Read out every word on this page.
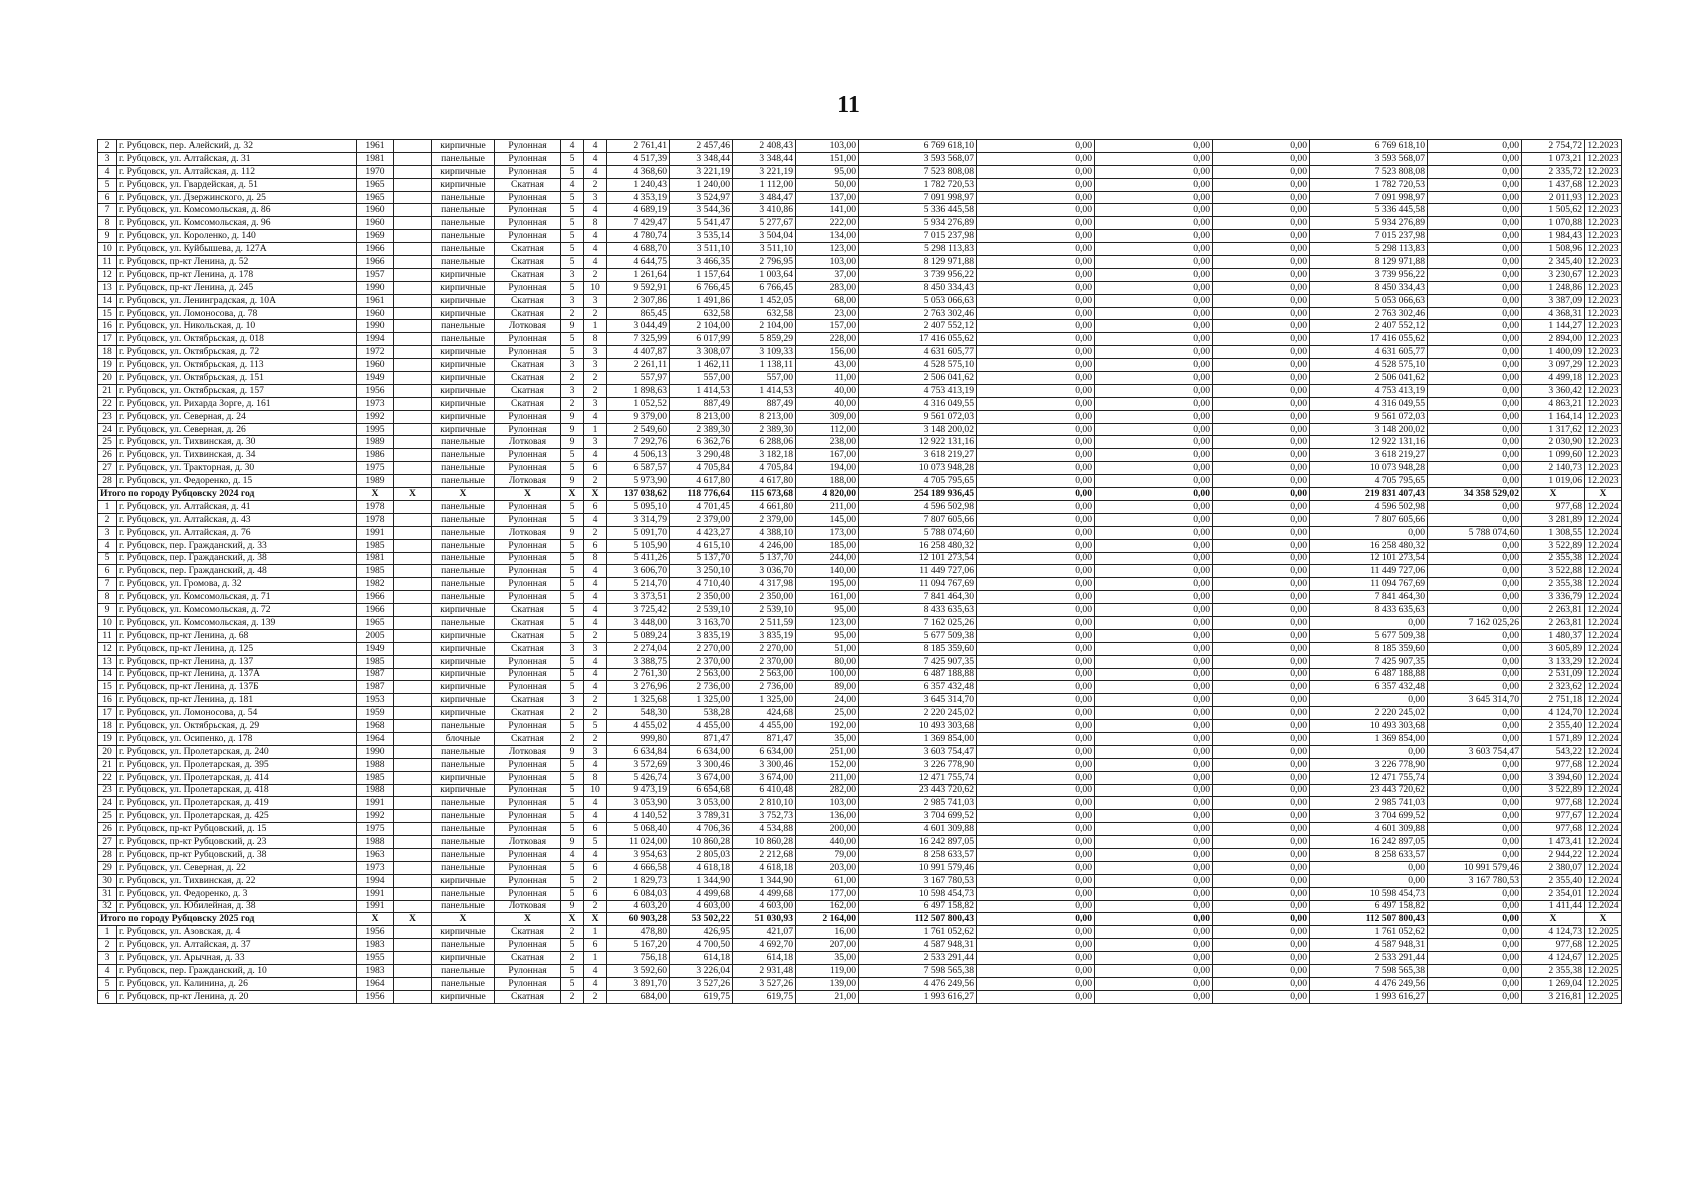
11
2	г. Рубцовск, пер. Алейский, д. 32	1961		кирпичные	Рулонная	4	4	2 761,41	2 457,46	2 408,43	103,00	6 769 618,10	0,00	0,00	0,00	6 769 618,10	0,00	2 754,72	12.2023
3	г. Рубцовск, ул. Алтайская, д. 31	1981		панельные	Рулонная	5	4	4 517,39	3 348,44	3 348,44	151,00	3 593 568,07	0,00	0,00	0,00	3 593 568,07	0,00	1 073,21	12.2023
4	г. Рубцовск, ул. Алтайская, д. 112	1970		кирпичные	Рулонная	5	4	4 368,60	3 221,19	3 221,19	95,00	7 523 808,08	0,00	0,00	0,00	7 523 808,08	0,00	2 335,72	12.2023
5	г. Рубцовск, ул. Гвардейская, д. 51	1965		кирпичные	Скатная	4	2	1 240,43	1 240,00	1 112,00	50,00	1 782 720,53	0,00	0,00	0,00	1 782 720,53	0,00	1 437,68	12.2023
6	г. Рубцовск, ул. Дзержинского, д. 25	1965		панельные	Рулонная	5	3	4 353,19	3 524,97	3 484,47	137,00	7 091 998,97	0,00	0,00	0,00	7 091 998,97	0,00	2 011,93	12.2023
7	г. Рубцовск, ул. Комсомольская, д. 86	1960		панельные	Рулонная	5	4	4 689,19	3 544,36	3 410,86	141,00	5 336 445,58	0,00	0,00	0,00	5 336 445,58	0,00	1 505,62	12.2023
8	г. Рубцовск, ул. Комсомольская, д. 96	1960		панельные	Рулонная	5	8	7 429,47	5 541,47	5 277,67	222,00	5 934 276,89	0,00	0,00	0,00	5 934 276,89	0,00	1 070,88	12.2023
9	г. Рубцовск, ул. Короленко, д. 140	1969		панельные	Рулонная	5	4	4 780,74	3 535,14	3 504,04	134,00	7 015 237,98	0,00	0,00	0,00	7 015 237,98	0,00	1 984,43	12.2023
10	г. Рубцовск, ул. Куйбышева, д. 127А	1966		панельные	Скатная	5	4	4 688,70	3 511,10	3 511,10	123,00	5 298 113,83	0,00	0,00	0,00	5 298 113,83	0,00	1 508,96	12.2023
11	г. Рубцовск, пр-кт Ленина, д. 52	1966		панельные	Скатная	5	4	4 644,75	3 466,35	2 796,95	103,00	8 129 971,88	0,00	0,00	0,00	8 129 971,88	0,00	2 345,40	12.2023
12	г. Рубцовск, пр-кт Ленина, д. 178	1957		кирпичные	Скатная	3	2	1 261,64	1 157,64	1 003,64	37,00	3 739 956,22	0,00	0,00	0,00	3 739 956,22	0,00	3 230,67	12.2023
13	г. Рубцовск, пр-кт Ленина, д. 245	1990		кирпичные	Рулонная	5	10	9 592,91	6 766,45	6 766,45	283,00	8 450 334,43	0,00	0,00	0,00	8 450 334,43	0,00	1 248,86	12.2023
14	г. Рубцовск, ул. Ленинградская, д. 10А	1961		кирпичные	Скатная	3	3	2 307,86	1 491,86	1 452,05	68,00	5 053 066,63	0,00	0,00	0,00	5 053 066,63	0,00	3 387,09	12.2023
15	г. Рубцовск, ул. Ломоносова, д. 78	1960		кирпичные	Скатная	2	2	865,45	632,58	632,58	23,00	2 763 302,46	0,00	0,00	0,00	2 763 302,46	0,00	4 368,31	12.2023
16	г. Рубцовск, ул. Никольская, д. 10	1990		панельные	Лотковая	9	1	3 044,49	2 104,00	2 104,00	157,00	2 407 552,12	0,00	0,00	0,00	2 407 552,12	0,00	1 144,27	12.2023
17	г. Рубцовск, ул. Октябрьская, д. 018	1994		панельные	Рулонная	5	8	7 325,99	6 017,99	5 859,29	228,00	17 416 055,62	0,00	0,00	0,00	17 416 055,62	0,00	2 894,00	12.2023
18	г. Рубцовск, ул. Октябрьская, д. 72	1972		кирпичные	Рулонная	5	3	4 407,87	3 308,07	3 109,33	156,00	4 631 605,77	0,00	0,00	0,00	4 631 605,77	0,00	1 400,09	12.2023
19	г. Рубцовск, ул. Октябрьская, д. 113	1960		кирпичные	Скатная	3	3	2 261,11	1 462,11	1 138,11	43,00	4 528 575,10	0,00	0,00	0,00	4 528 575,10	0,00	3 097,29	12.2023
20	г. Рубцовск, ул. Октябрьская, д. 151	1949		кирпичные	Скатная	2	2	557,97	557,00	557,00	11,00	2 506 041,62	0,00	0,00	0,00	2 506 041,62	0,00	4 499,18	12.2023
21	г. Рубцовск, ул. Октябрьская, д. 157	1956		кирпичные	Скатная	3	2	1 898,63	1 414,53	1 414,53	40,00	4 753 413,19	0,00	0,00	0,00	4 753 413,19	0,00	3 360,42	12.2023
22	г. Рубцовск, ул. Рихарда Зорге, д. 161	1973		кирпичные	Скатная	2	3	1 052,52	887,49	887,49	40,00	4 316 049,55	0,00	0,00	0,00	4 316 049,55	0,00	4 863,21	12.2023
23	г. Рубцовск, ул. Северная, д. 24	1992		кирпичные	Рулонная	9	4	9 379,00	8 213,00	8 213,00	309,00	9 561 072,03	0,00	0,00	0,00	9 561 072,03	0,00	1 164,14	12.2023
24	г. Рубцовск, ул. Северная, д. 26	1995		кирпичные	Рулонная	9	1	2 549,60	2 389,30	2 389,30	112,00	3 148 200,02	0,00	0,00	0,00	3 148 200,02	0,00	1 317,62	12.2023
25	г. Рубцовск, ул. Тихвинская, д. 30	1989		панельные	Лотковая	9	3	7 292,76	6 362,76	6 288,06	238,00	12 922 131,16	0,00	0,00	0,00	12 922 131,16	0,00	2 030,90	12.2023
26	г. Рубцовск, ул. Тихвинская, д. 34	1986		панельные	Рулонная	5	4	4 506,13	3 290,48	3 182,18	167,00	3 618 219,27	0,00	0,00	0,00	3 618 219,27	0,00	1 099,60	12.2023
27	г. Рубцовск, ул. Тракторная, д. 30	1975		панельные	Рулонная	5	6	6 587,57	4 705,84	4 705,84	194,00	10 073 948,28	0,00	0,00	0,00	10 073 948,28	0,00	2 140,73	12.2023
28	г. Рубцовск, ул. Федоренко, д. 15	1989		панельные	Лотковая	9	2	5 973,90	4 617,80	4 617,80	188,00	4 705 795,65	0,00	0,00	0,00	4 705 795,65	0,00	1 019,06	12.2023
Итого по городу Рубцовску 2024 год		X	X	X	X	X	X	137 038,62	118 776,64	115 673,68	4 820,00	254 189 936,45	0,00	0,00	0,00	219 831 407,43	34 358 529,02	X	X
1	г. Рубцовск, ул. Алтайская, д. 41	1978		панельные	Рулонная	5	6	5 095,10	4 701,45	4 661,80	211,00	4 596 502,98	0,00	0,00	0,00	4 596 502,98	0,00	977,68	12.2024
2	г. Рубцовск, ул. Алтайская, д. 43	1978		панельные	Рулонная	5	4	3 314,79	2 379,00	2 379,00	145,00	7 807 605,66	0,00	0,00	0,00	7 807 605,66	0,00	3 281,89	12.2024
3	г. Рубцовск, ул. Алтайская, д. 76	1991		панельные	Лотковая	9	2	5 091,70	4 423,27	4 388,10	173,00	5 788 074,60	0,00	0,00	0,00	0,00	5 788 074,60	1 308,55	12.2024
4	г. Рубцовск, пер. Гражданский, д. 33	1985		панельные	Рулонная	5	6	5 105,90	4 615,10	4 246,00	185,00	16 258 480,32	0,00	0,00	0,00	16 258 480,32	0,00	3 522,89	12.2024
5	г. Рубцовск, пер. Гражданский, д. 38	1981		панельные	Рулонная	5	8	5 411,26	5 137,70	5 137,70	244,00	12 101 273,54	0,00	0,00	0,00	12 101 273,54	0,00	2 355,38	12.2024
6	г. Рубцовск, пер. Гражданский, д. 48	1985		панельные	Рулонная	5	4	3 606,70	3 250,10	3 036,70	140,00	11 449 727,06	0,00	0,00	0,00	11 449 727,06	0,00	3 522,88	12.2024
7	г. Рубцовск, ул. Громова, д. 32	1982		панельные	Рулонная	5	4	5 214,70	4 710,40	4 317,98	195,00	11 094 767,69	0,00	0,00	0,00	11 094 767,69	0,00	2 355,38	12.2024
8	г. Рубцовск, ул. Комсомольская, д. 71	1966		панельные	Рулонная	5	4	3 373,51	2 350,00	2 350,00	161,00	7 841 464,30	0,00	0,00	0,00	7 841 464,30	0,00	3 336,79	12.2024
9	г. Рубцовск, ул. Комсомольская, д. 72	1966		кирпичные	Скатная	5	4	3 725,42	2 539,10	2 539,10	95,00	8 433 635,63	0,00	0,00	0,00	8 433 635,63	0,00	2 263,81	12.2024
10	г. Рубцовск, ул. Комсомольская, д. 139	1965		панельные	Скатная	5	4	3 448,00	3 163,70	2 511,59	123,00	7 162 025,26	0,00	0,00	0,00	0,00	7 162 025,26	2 263,81	12.2024
11	г. Рубцовск, пр-кт Ленина, д. 68	2005		кирпичные	Скатная	5	2	5 089,24	3 835,19	3 835,19	95,00	5 677 509,38	0,00	0,00	0,00	5 677 509,38	0,00	1 480,37	12.2024
12	г. Рубцовск, пр-кт Ленина, д. 125	1949		кирпичные	Скатная	3	3	2 274,04	2 270,00	2 270,00	51,00	8 185 359,60	0,00	0,00	0,00	8 185 359,60	0,00	3 605,89	12.2024
13	г. Рубцовск, пр-кт Ленина, д. 137	1985		кирпичные	Рулонная	5	4	3 388,75	2 370,00	2 370,00	80,00	7 425 907,35	0,00	0,00	0,00	7 425 907,35	0,00	3 133,29	12.2024
14	г. Рубцовск, пр-кт Ленина, д. 137А	1987		кирпичные	Рулонная	5	4	2 761,30	2 563,00	2 563,00	100,00	6 487 188,88	0,00	0,00	0,00	6 487 188,88	0,00	2 531,09	12.2024
15	г. Рубцовск, пр-кт Ленина, д. 137Б	1987		кирпичные	Рулонная	5	4	3 276,96	2 736,00	2 736,00	89,00	6 357 432,48	0,00	0,00	0,00	6 357 432,48	0,00	2 323,62	12.2024
16	г. Рубцовск, пр-кт Ленина, д. 181	1953		кирпичные	Скатная	3	2	1 325,68	1 325,00	1 325,00	24,00	3 645 314,70	0,00	0,00	0,00	0,00	3 645 314,70	2 751,18	12.2024
17	г. Рубцовск, ул. Ломоносова, д. 54	1959		кирпичные	Скатная	2	2	548,30	538,28	424,68	25,00	2 220 245,02	0,00	0,00	0,00	2 220 245,02	0,00	4 124,70	12.2024
18	г. Рубцовск, ул. Октябрьская, д. 29	1968		панельные	Рулонная	5	5	4 455,02	4 455,00	4 455,00	192,00	10 493 303,68	0,00	0,00	0,00	10 493 303,68	0,00	2 355,40	12.2024
19	г. Рубцовск, ул. Осипенко, д. 178	1964		блочные	Скатная	2	2	999,80	871,47	871,47	35,00	1 369 854,00	0,00	0,00	0,00	1 369 854,00	0,00	1 571,89	12.2024
20	г. Рубцовск, ул. Пролетарская, д. 240	1990		панельные	Лотковая	9	3	6 634,84	6 634,00	6 634,00	251,00	3 603 754,47	0,00	0,00	0,00	0,00	3 603 754,47	543,22	12.2024
21	г. Рубцовск, ул. Пролетарская, д. 395	1988		панельные	Рулонная	5	4	3 572,69	3 300,46	3 300,46	152,00	3 226 778,90	0,00	0,00	0,00	3 226 778,90	0,00	977,68	12.2024
22	г. Рубцовск, ул. Пролетарская, д. 414	1985		кирпичные	Рулонная	5	8	5 426,74	3 674,00	3 674,00	211,00	12 471 755,74	0,00	0,00	0,00	12 471 755,74	0,00	3 394,60	12.2024
23	г. Рубцовск, ул. Пролетарская, д. 418	1988		кирпичные	Рулонная	5	10	9 473,19	6 654,68	6 410,48	282,00	23 443 720,62	0,00	0,00	0,00	23 443 720,62	0,00	3 522,89	12.2024
24	г. Рубцовск, ул. Пролетарская, д. 419	1991		панельные	Рулонная	5	4	3 053,90	3 053,00	2 810,10	103,00	2 985 741,03	0,00	0,00	0,00	2 985 741,03	0,00	977,68	12.2024
25	г. Рубцовск, ул. Пролетарская, д. 425	1992		панельные	Рулонная	5	4	4 140,52	3 789,31	3 752,73	136,00	3 704 699,52	0,00	0,00	0,00	3 704 699,52	0,00	977,67	12.2024
26	г. Рубцовск, пр-кт Рубцовский, д. 15	1975		панельные	Рулонная	5	6	5 068,40	4 706,36	4 534,88	200,00	4 601 309,88	0,00	0,00	0,00	4 601 309,88	0,00	977,68	12.2024
27	г. Рубцовск, пр-кт Рубцовский, д. 23	1988		панельные	Лотковая	9	5	11 024,00	10 860,28	10 860,28	440,00	16 242 897,05	0,00	0,00	0,00	16 242 897,05	0,00	1 473,41	12.2024
28	г. Рубцовск, пр-кт Рубцовский, д. 38	1963		панельные	Рулонная	4	4	3 954,63	2 805,03	2 212,68	79,00	8 258 633,57	0,00	0,00	0,00	8 258 633,57	0,00	2 944,22	12.2024
29	г. Рубцовск, ул. Северная, д. 22	1973		панельные	Рулонная	5	6	4 666,58	4 618,18	4 618,18	203,00	10 991 579,46	0,00	0,00	0,00	0,00	10 991 579,46	2 380,07	12.2024
30	г. Рубцовск, ул. Тихвинская, д. 22	1994		кирпичные	Рулонная	5	2	1 829,73	1 344,90	1 344,90	61,00	3 167 780,53	0,00	0,00	0,00	0,00	3 167 780,53	2 355,40	12.2024
31	г. Рубцовск, ул. Федоренко, д. 3	1991		панельные	Рулонная	5	6	6 084,03	4 499,68	4 499,68	177,00	10 598 454,73	0,00	0,00	0,00	10 598 454,73	0,00	2 354,01	12.2024
32	г. Рубцовск, ул. Юбилейная, д. 38	1991		панельные	Лотковая	9	2	4 603,20	4 603,00	4 603,00	162,00	6 497 158,82	0,00	0,00	0,00	6 497 158,82	0,00	1 411,44	12.2024
Итого по городу Рубцовску 2025 год		X	X	X	X	X	X	60 903,28	53 502,22	51 030,93	2 164,00	112 507 800,43	0,00	0,00	0,00	112 507 800,43	0,00	X	X
1	г. Рубцовск, ул. Азовская, д. 4	1956		кирпичные	Скатная	2	1	478,80	426,95	421,07	16,00	1 761 052,62	0,00	0,00	0,00	1 761 052,62	0,00	4 124,73	12.2025
2	г. Рубцовск, ул. Алтайская, д. 37	1983		панельные	Рулонная	5	6	5 167,20	4 700,50	4 692,70	207,00	4 587 948,31	0,00	0,00	0,00	4 587 948,31	0,00	977,68	12.2025
3	г. Рубцовск, ул. Арычная, д. 33	1955		кирпичные	Скатная	2	1	756,18	614,18	614,18	35,00	2 533 291,44	0,00	0,00	0,00	2 533 291,44	0,00	4 124,67	12.2025
4	г. Рубцовск, пер. Гражданский, д. 10	1983		панельные	Рулонная	5	4	3 592,60	3 226,04	2 931,48	119,00	7 598 565,38	0,00	0,00	0,00	7 598 565,38	0,00	2 355,38	12.2025
5	г. Рубцовск, ул. Калинина, д. 26	1964		панельные	Рулонная	5	4	3 891,70	3 527,26	3 527,26	139,00	4 476 249,56	0,00	0,00	0,00	4 476 249,56	0,00	1 269,04	12.2025
6	г. Рубцовск, пр-кт Ленина, д. 20	1956		кирпичные	Скатная	2	2	684,00	619,75	619,75	21,00	1 993 616,27	0,00	0,00	0,00	1 993 616,27	0,00	3 216,81	12.2025
